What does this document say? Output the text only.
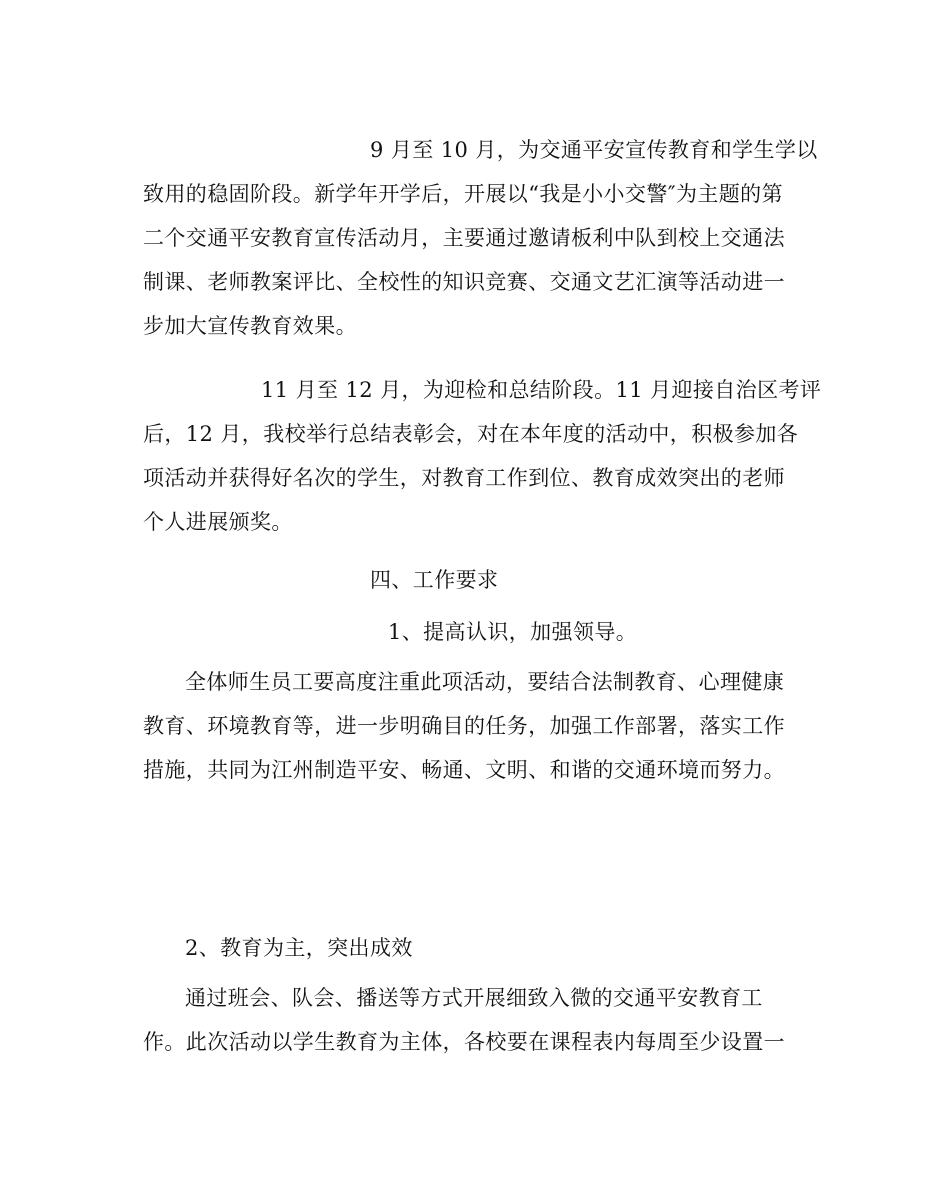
9 月至 10 月，为交通平安宣传教育和学生学以
致用的稳固阶段。新学年开学后，开展以“我是小小交警″为主题的第
二个交通平安教育宣传活动月，主要通过邀请板利中队到校上交通法
制课、老师教案评比、全校性的知识竞赛、交通文艺汇演等活动进一
步加大宣传教育效果。
11 月至 12 月，为迎检和总结阶段。11 月迎接自治区考评
后，12 月，我校举行总结表彰会，对在本年度的活动中，积极参加各
项活动并获得好名次的学生，对教育工作到位、教育成效突出的老师
个人进展颁奖。
四、工作要求
1、提高认识，加强领导。
全体师生员工要高度注重此项活动，要结合法制教育、心理健康
教育、环境教育等，进一步明确目的任务，加强工作部署，落实工作
措施，共同为江州制造平安、畅通、文明、和谐的交通环境而努力。
2、教育为主，突出成效
通过班会、队会、播送等方式开展细致入微的交通平安教育工
作。此次活动以学生教育为主体，各校要在课程表内每周至少设置一
